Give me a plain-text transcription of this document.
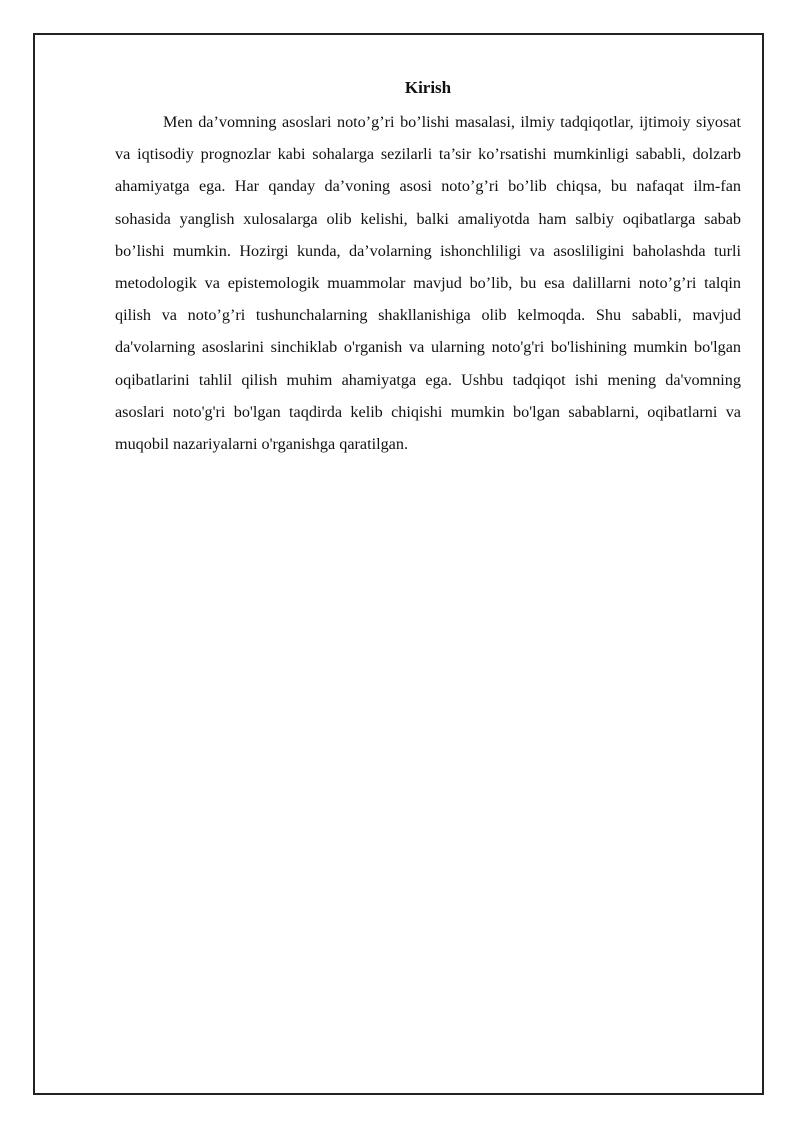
Kirish

Men da’vomning asoslari noto’g’ri bo’lishi masalasi, ilmiy tadqiqotlar, ijtimoiy siyosat va iqtisodiy prognozlar kabi sohalarga sezilarli ta’sir ko’rsatishi mumkinligi sababli, dolzarb ahamiyatga ega. Har qanday da’voning asosi noto’g’ri bo’lib chiqsa, bu nafaqat ilm-fan sohasida yanglish xulosalarga olib kelishi, balki amaliyotda ham salbiy oqibatlarga sabab bo’lishi mumkin. Hozirgi kunda, da’volarning ishonchliligi va asosliligini baholashda turli metodologik va epistemologik muammolar mavjud bo’lib, bu esa dalillarni noto’g’ri talqin qilish va noto’g’ri tushunchalarning shakllanishiga olib kelmoqda. Shu sababli, mavjud da'volarning asoslarini sinchiklab o'rganish va ularning noto'g'ri bo'lishining mumkin bo'lgan oqibatlarini tahlil qilish muhim ahamiyatga ega. Ushbu tadqiqot ishi mening da'vomning asoslari noto'g'ri bo'lgan taqdirda kelib chiqishi mumkin bo'lgan sabablarni, oqibatlarni va muqobil nazariyalarni o'rganishga qaratilgan.
